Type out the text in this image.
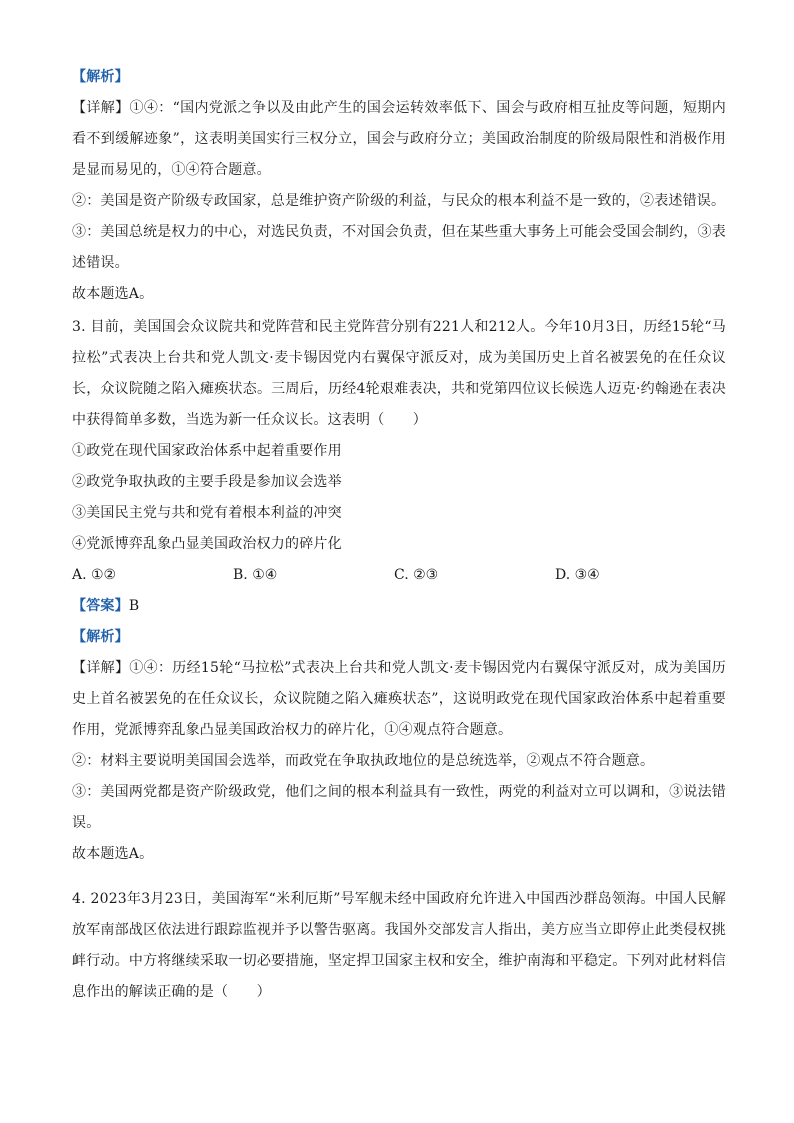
【解析】

【详解】①④：“国内党派之争以及由此产生的国会运转效率低下、国会与政府相互扯皮等问题，短期内看不到缓解迹象”，这表明美国实行三权分立，国会与政府分立；美国政治制度的阶级局限性和消极作用是显而易见的，①④符合题意。

②：美国是资产阶级专政国家，总是维护资产阶级的利益，与民众的根本利益不是一致的，②表述错误。

③：美国总统是权力的中心，对选民负责，不对国会负责，但在某些重大事务上可能会受国会制约，③表述错误。

故本题选A。

3. 目前，美国国会众议院共和党阵营和民主党阵营分别有221人和212人。今年10月3日，历经15轮“马拉松”式表决上台共和党人凯文·麦卡锡因党内右翼保守派反对，成为美国历史上首名被罢免的在任众议长，众议院随之陷入瘫痪状态。三周后，历经4轮艰难表决，共和党第四位议长候选人迈克·约翰逊在表决中获得简单多数，当选为新一任众议长。这表明（　　）

①政党在现代国家政治体系中起着重要作用

②政党争取执政的主要手段是参加议会选举

③美国民主党与共和党有着根本利益的冲突

④党派博弈乱象凸显美国政治权力的碎片化

A. ①②	B. ①④	C. ②③	D. ③④

【答案】B

【解析】

【详解】①④：历经15轮“马拉松”式表决上台共和党人凯文·麦卡锡因党内右翼保守派反对，成为美国历史上首名被罢免的在任众议长，众议院随之陷入瘫痪状态”，这说明政党在现代国家政治体系中起着重要作用，党派博弈乱象凸显美国政治权力的碎片化，①④观点符合题意。

②：材料主要说明美国国会选举，而政党在争取执政地位的是总统选举，②观点不符合题意。

③：美国两党都是资产阶级政党，他们之间的根本利益具有一致性，两党的利益对立可以调和，③说法错误。

故本题选A。

4. 2023年3月23日，美国海军“米利厄斯”号军舰未经中国政府允许进入中国西沙群岛领海。中国人民解放军南部战区依法进行跟踪监视并予以警告驱离。我国外交部发言人指出，美方应当立即停止此类侵权挑衅行动。中方将继续采取一切必要措施，坚定捍卫国家主权和安全，维护南海和平稳定。下列对此材料信息作出的解读正确的是（　　）
